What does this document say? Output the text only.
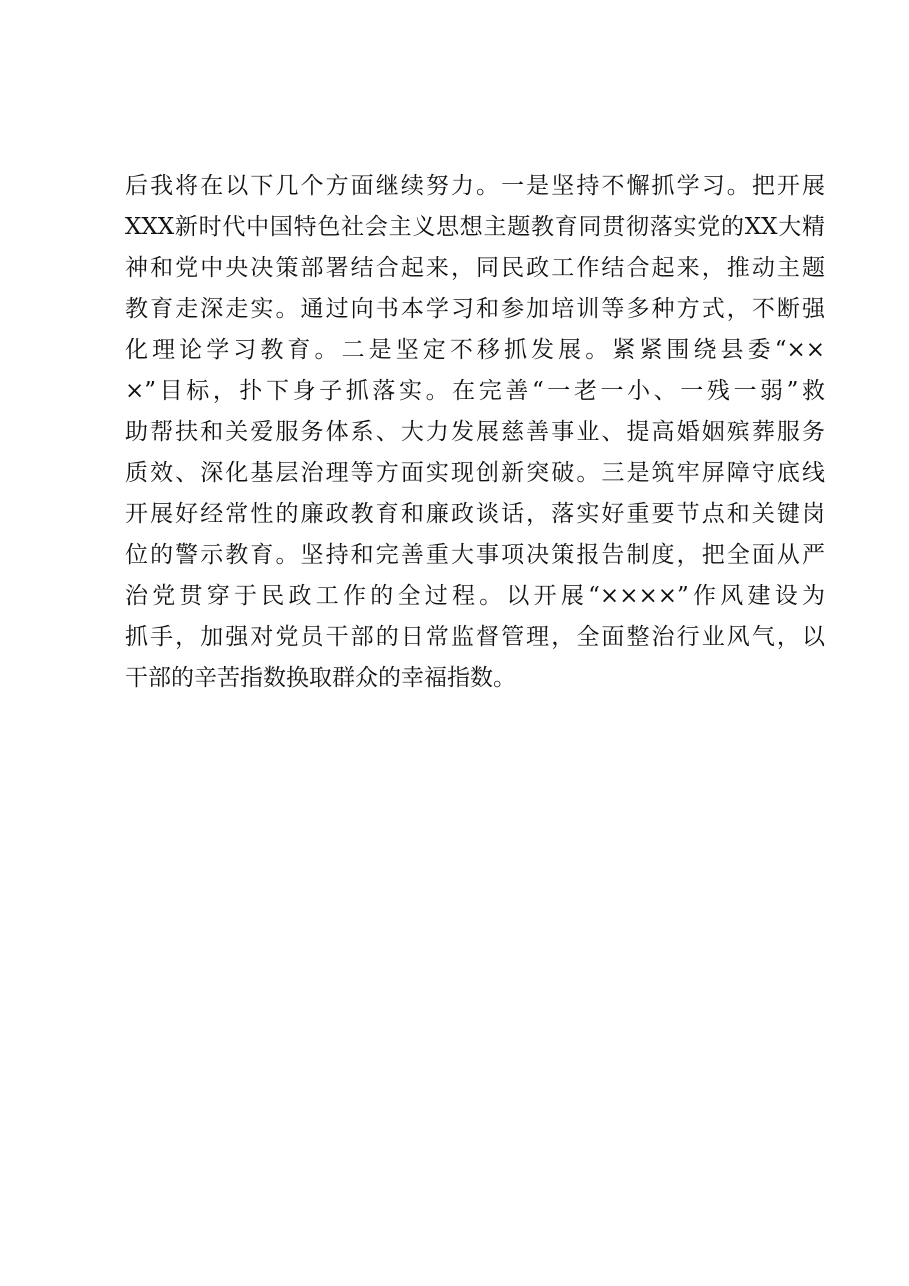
后我将在以下几个方面继续努力。一是坚持不懈抓学习。把开展
XXX新时代中国特色社会主义思想主题教育同贯彻落实党的XX大精
神和党中央决策部署结合起来，同民政工作结合起来，推动主题
教育走深走实。通过向书本学习和参加培训等多种方式，不断强
化理论学习教育。二是坚定不移抓发展。紧紧围绕县委“××
×”目标，扑下身子抓落实。在完善“一老一小、一残一弱”救
助帮扶和关爱服务体系、大力发展慈善事业、提高婚姻殡葬服务
质效、深化基层治理等方面实现创新突破。三是筑牢屏障守底线
开展好经常性的廉政教育和廉政谈话，落实好重要节点和关键岗
位的警示教育。坚持和完善重大事项决策报告制度，把全面从严
治党贯穿于民政工作的全过程。以开展“××××”作风建设为
抓手，加强对党员干部的日常监督管理，全面整治行业风气，以
干部的辛苦指数换取群众的幸福指数。
